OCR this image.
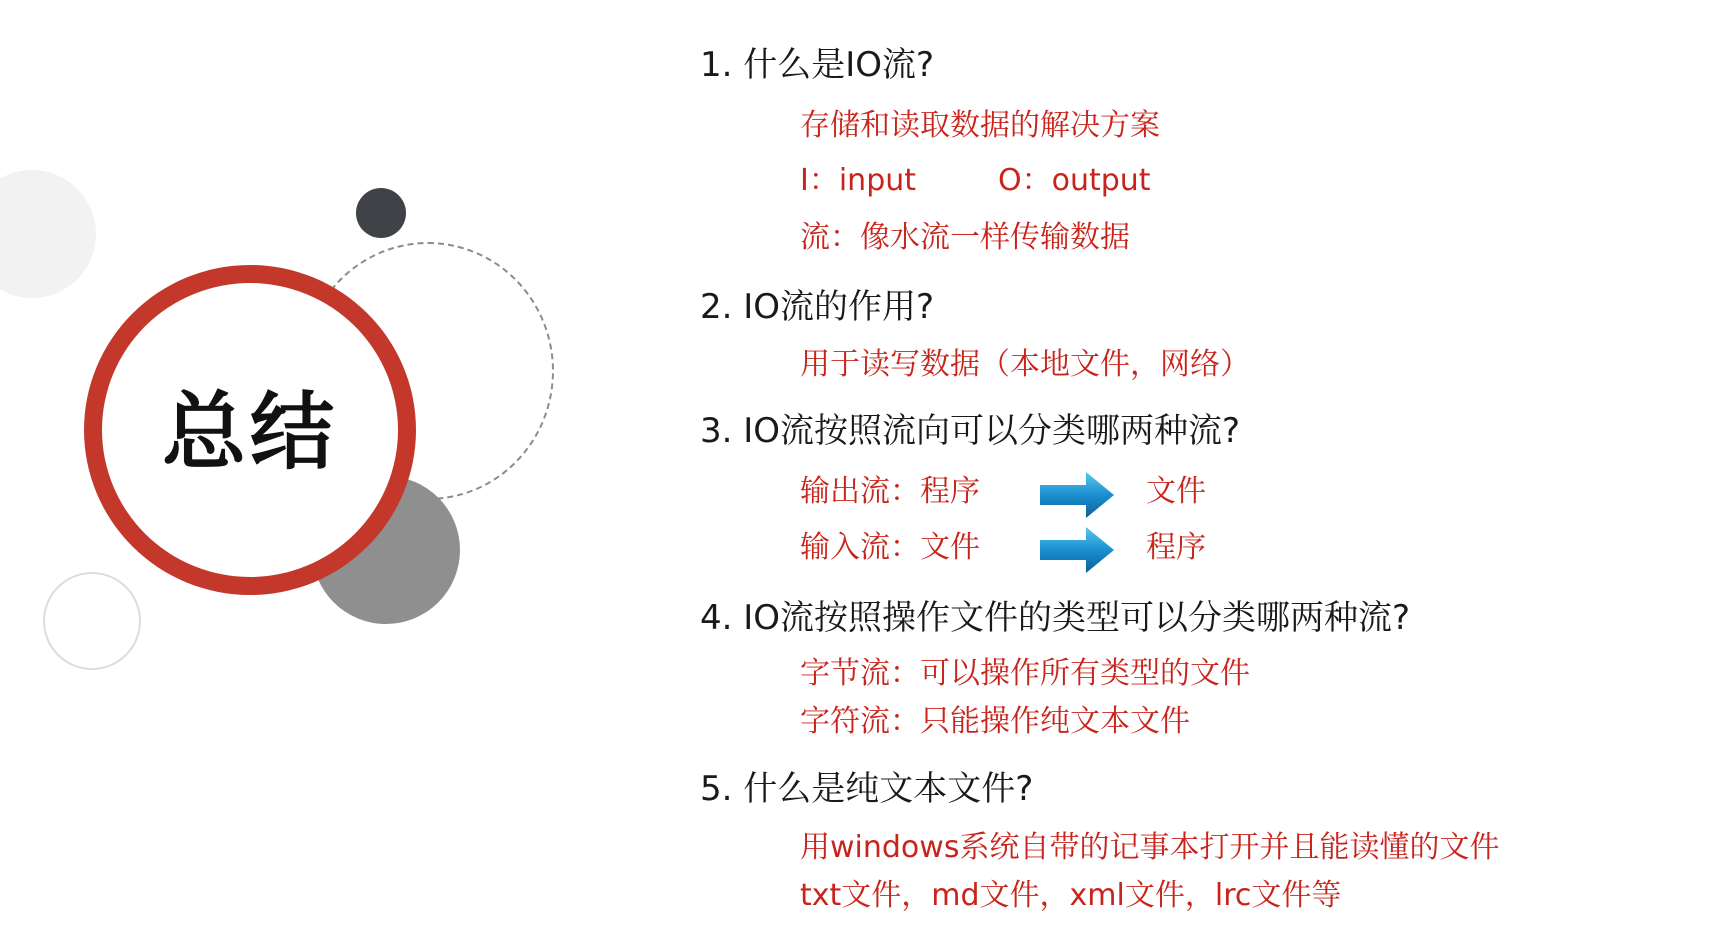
总结
1. 什么是IO流?
存储和读取数据的解决方案
I：input	O：output
流：像水流一样传输数据
2. IO流的作用?
用于读写数据（本地文件，网络）
3. IO流按照流向可以分类哪两种流?
输出流：程序	文件
输入流：文件	程序
4. IO流按照操作文件的类型可以分类哪两种流?
字节流：可以操作所有类型的文件
字符流：只能操作纯文本文件
5. 什么是纯文本文件?
用windows系统自带的记事本打开并且能读懂的文件
txt文件，md文件，xml文件，lrc文件等
